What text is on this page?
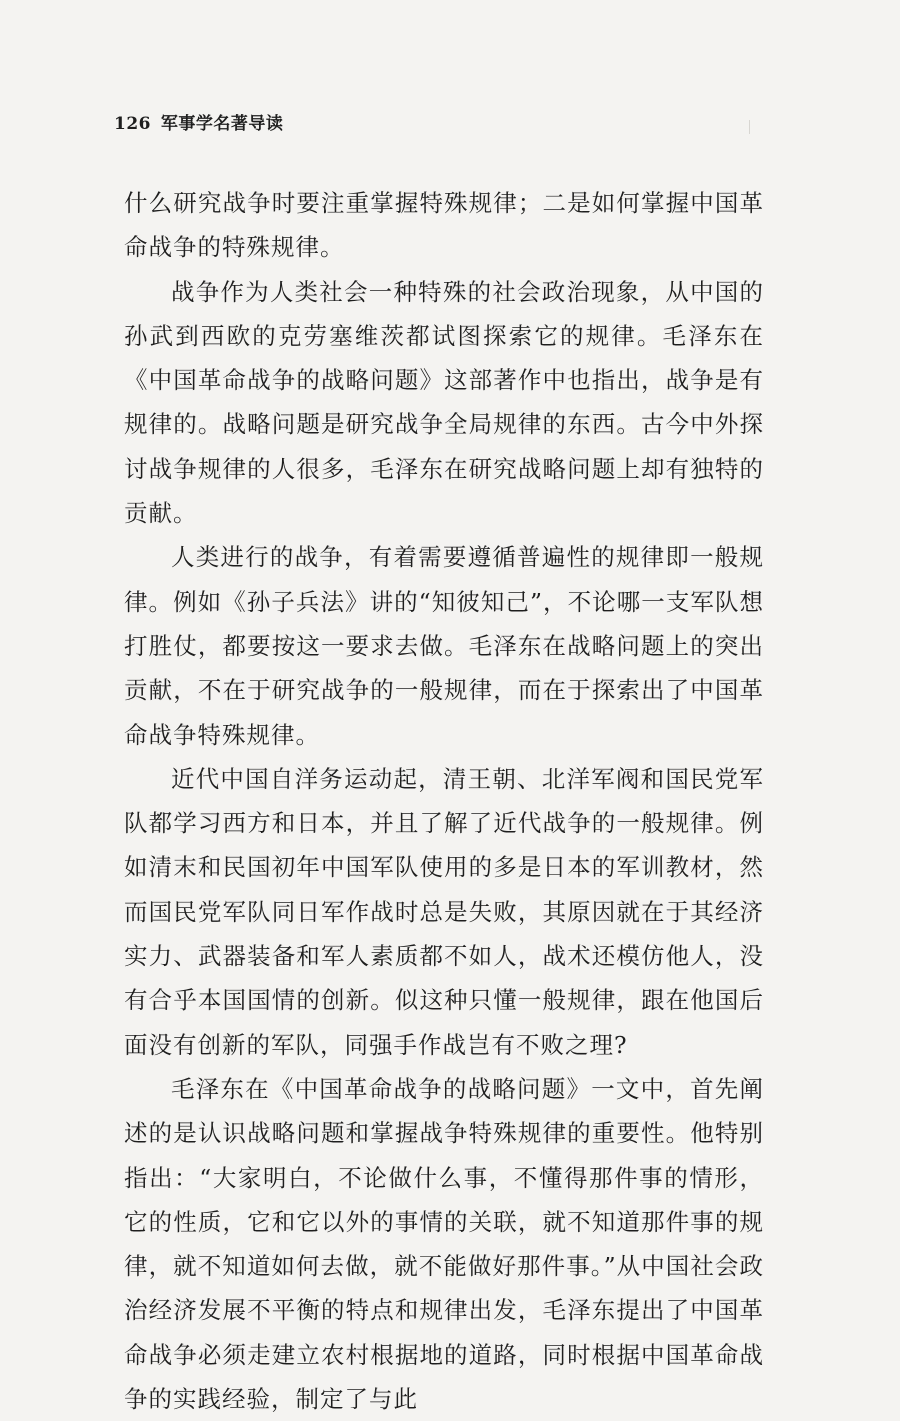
126 军事学名著导读

什么研究战争时要注重掌握特殊规律；二是如何掌握中国革命战争的特殊规律。

战争作为人类社会一种特殊的社会政治现象，从中国的孙武到西欧的克劳塞维茨都试图探索它的规律。毛泽东在《中国革命战争的战略问题》这部著作中也指出，战争是有规律的。战略问题是研究战争全局规律的东西。古今中外探讨战争规律的人很多，毛泽东在研究战略问题上却有独特的贡献。

人类进行的战争，有着需要遵循普遍性的规律即一般规律。例如《孙子兵法》讲的“知彼知己”，不论哪一支军队想打胜仗，都要按这一要求去做。毛泽东在战略问题上的突出贡献，不在于研究战争的一般规律，而在于探索出了中国革命战争特殊规律。

近代中国自洋务运动起，清王朝、北洋军阀和国民党军队都学习西方和日本，并且了解了近代战争的一般规律。例如清末和民国初年中国军队使用的多是日本的军训教材，然而国民党军队同日军作战时总是失败，其原因就在于其经济实力、武器装备和军人素质都不如人，战术还模仿他人，没有合乎本国国情的创新。似这种只懂一般规律，跟在他国后面没有创新的军队，同强手作战岂有不败之理?

毛泽东在《中国革命战争的战略问题》一文中，首先阐述的是认识战略问题和掌握战争特殊规律的重要性。他特别指出：“大家明白，不论做什么事，不懂得那件事的情形，它的性质，它和它以外的事情的关联，就不知道那件事的规律，就不知道如何去做，就不能做好那件事。”从中国社会政治经济发展不平衡的特点和规律出发，毛泽东提出了中国革命战争必须走建立农村根据地的道路，同时根据中国革命战争的实践经验，制定了与此
